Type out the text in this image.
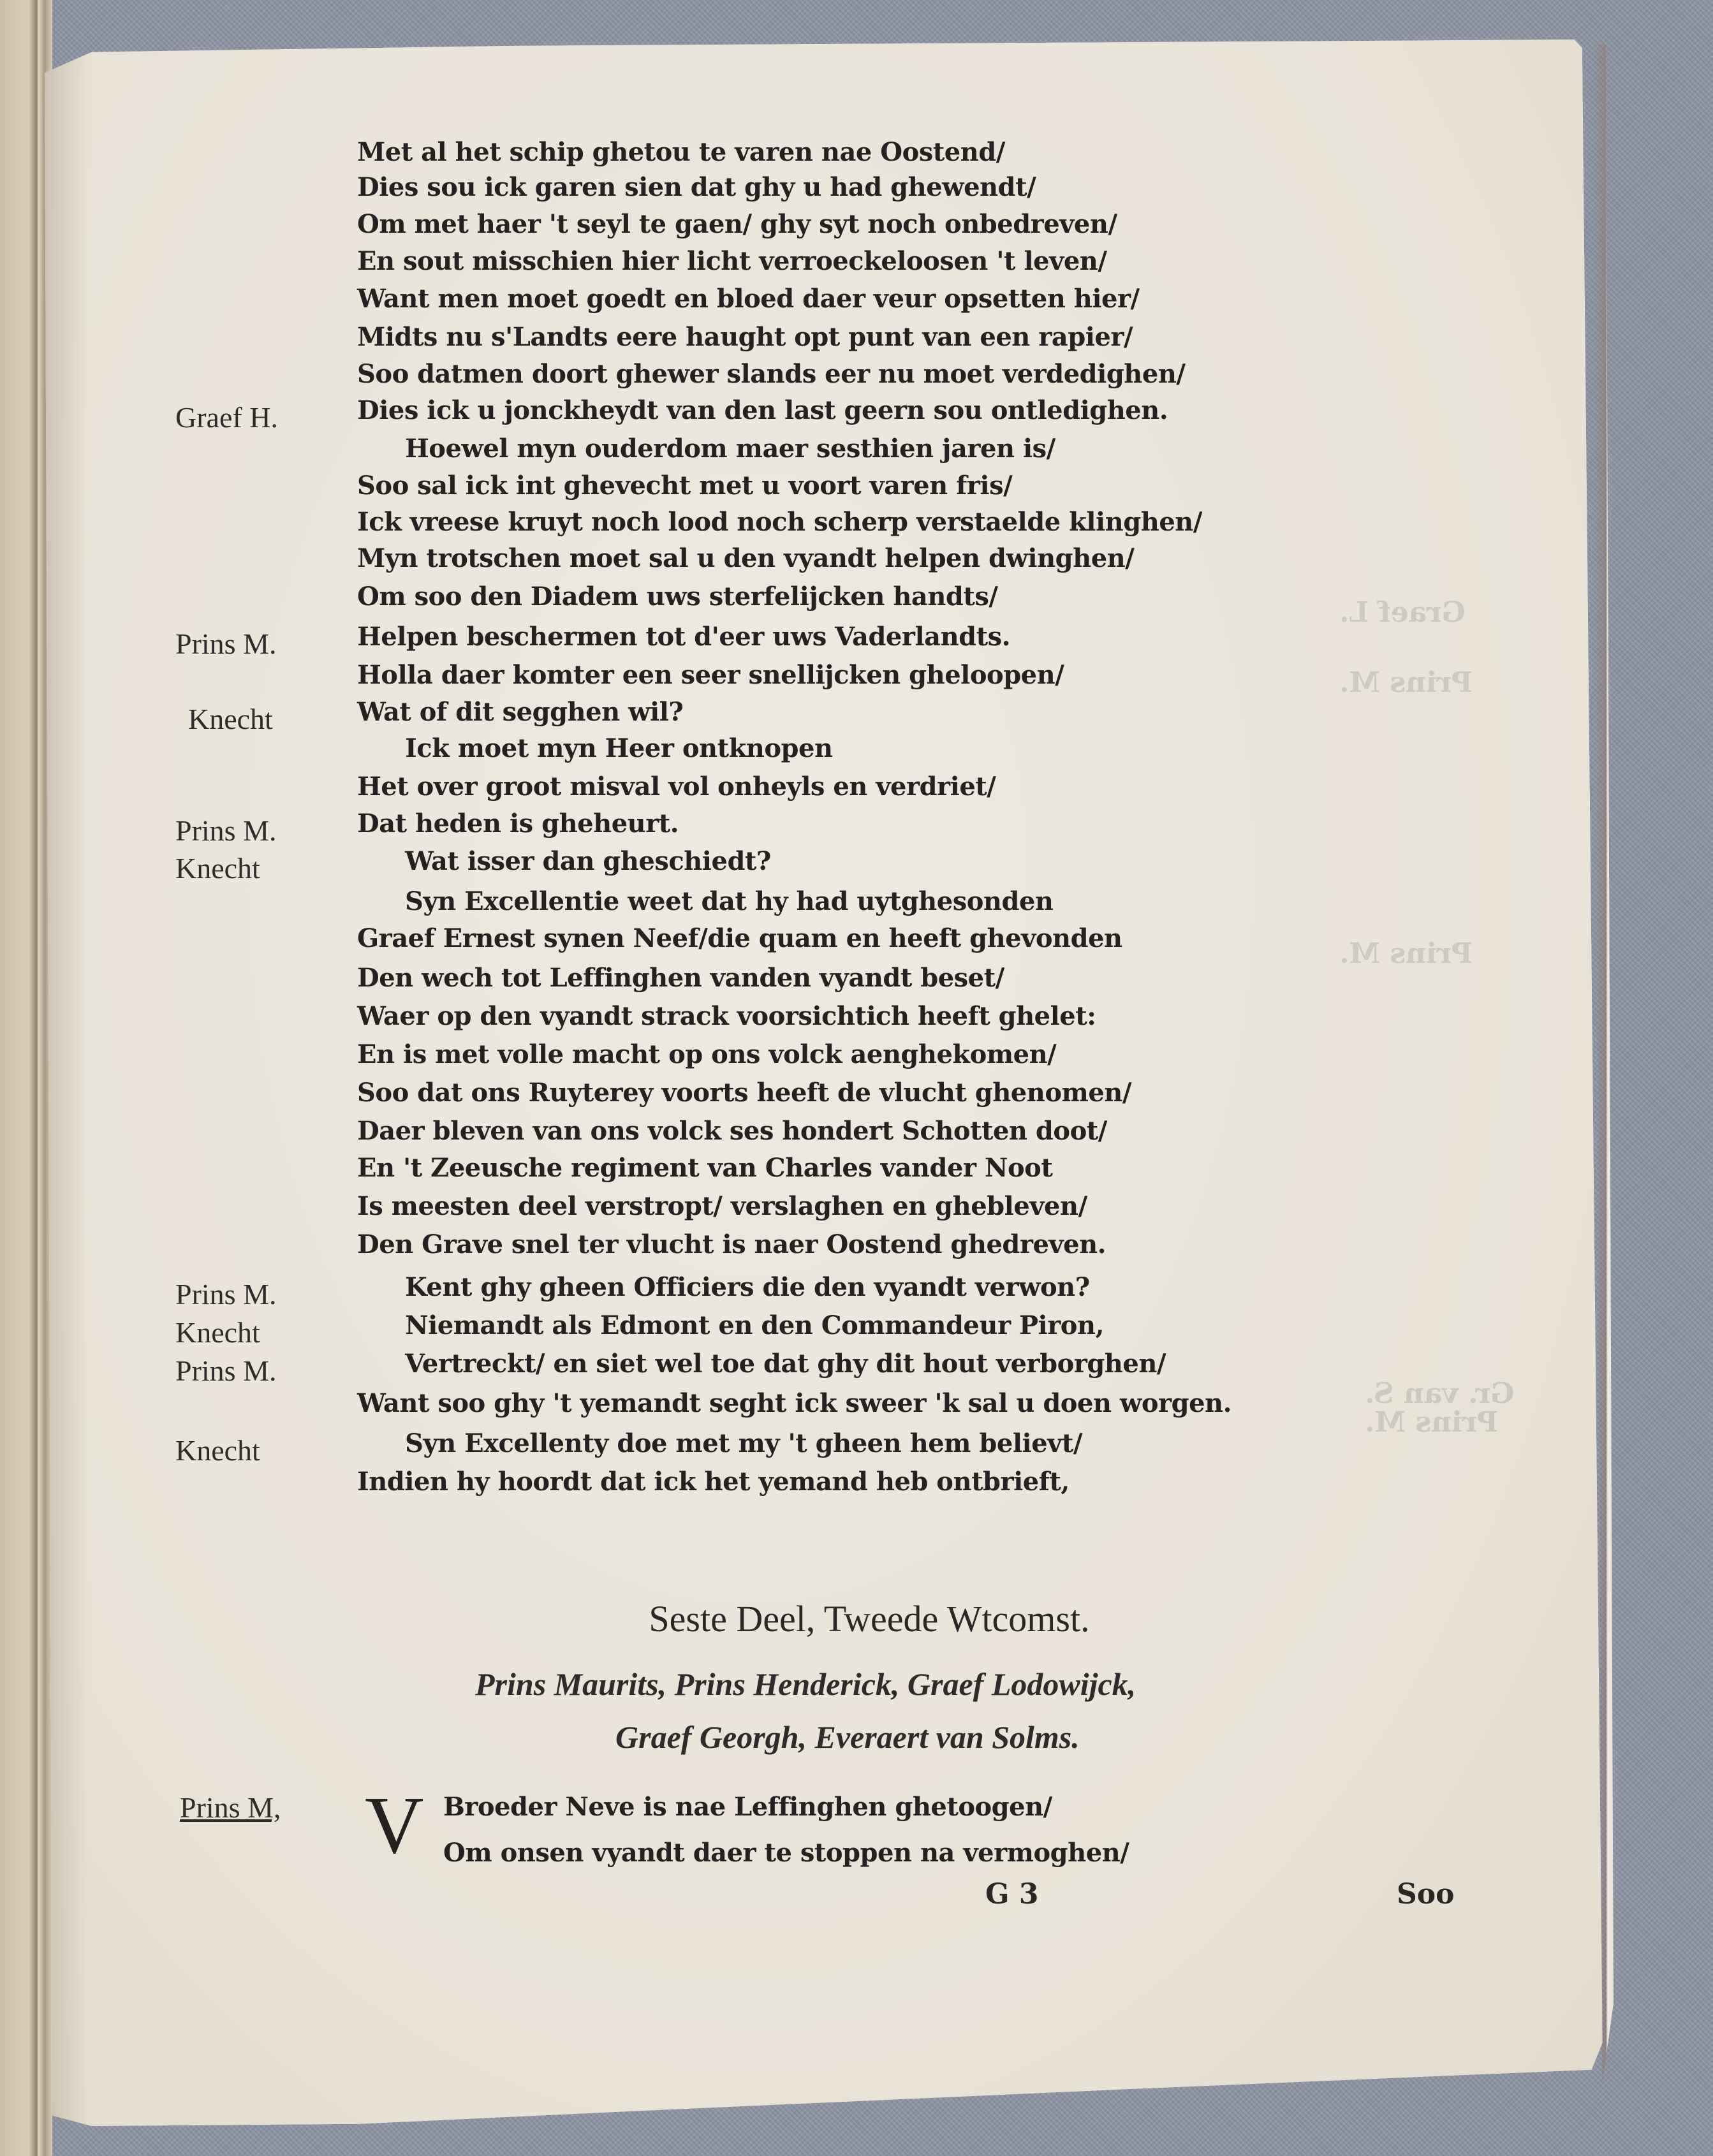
Graef L.
Prins M.
Prins M.
Gr. van S.
Prins M.
Met al het schip ghetou te varen nae Oostend/
Dies sou ick garen sien dat ghy u had ghewendt/
Om met haer 't seyl te gaen/ ghy syt noch onbedreven/
En sout misschien hier licht verroeckeloosen 't leven/
Want men moet goedt en bloed daer veur opsetten hier/
Midts nu s'Landts eere haught opt punt van een rapier/
Soo datmen doort ghewer slands eer nu moet verdedighen/
Dies ick u jonckheydt van den last geern sou ontledighen.
Graef H.
Hoewel myn ouderdom maer sesthien jaren is/
Soo sal ick int ghevecht met u voort varen fris/
Ick vreese kruyt noch lood noch scherp verstaelde klinghen/
Myn trotschen moet sal u den vyandt helpen dwinghen/
Om soo den Diadem uws sterfelijcken handts/
Helpen beschermen tot d'eer uws Vaderlandts.
Prins M.
Holla daer komter een seer snellijcken gheloopen/
Wat of dit segghen wil?
Knecht
Ick moet myn Heer ontknopen
Het over groot misval vol onheyls en verdriet/
Dat heden is gheheurt.
Prins M.
Wat isser dan gheschiedt?
Knecht
Syn Excellentie weet dat hy had uytghesonden
Graef Ernest synen Neef/die quam en heeft ghevonden
Den wech tot Leffinghen vanden vyandt beset/
Waer op den vyandt strack voorsichtich heeft ghelet:
En is met volle macht op ons volck aenghekomen/
Soo dat ons Ruyterey voorts heeft de vlucht ghenomen/
Daer bleven van ons volck ses hondert Schotten doot/
En 't Zeeusche regiment van Charles vander Noot
Is meesten deel verstropt/ verslaghen en ghebleven/
Den Grave snel ter vlucht is naer Oostend ghedreven.
Kent ghy gheen Officiers die den vyandt verwon?
Prins M.
Niemandt als Edmont en den Commandeur Piron,
Knecht
Vertreckt/ en siet wel toe dat ghy dit hout verborghen/
Prins M.
Want soo ghy 't yemandt seght ick sweer 'k sal u doen worgen.
Syn Excellenty doe met my 't gheen hem believt/
Knecht
Indien hy hoordt dat ick het yemand heb ontbrieft,
Seste Deel, Tweede Wtcomst.
Prins Maurits, Prins Henderick, Graef Lodowijck,
Graef Georgh, Everaert van Solms.
Prins M, V Broeder Neve is nae Leffinghen ghetoogen/
Om onsen vyandt daer te stoppen na vermoghen/
G 3	Soo
